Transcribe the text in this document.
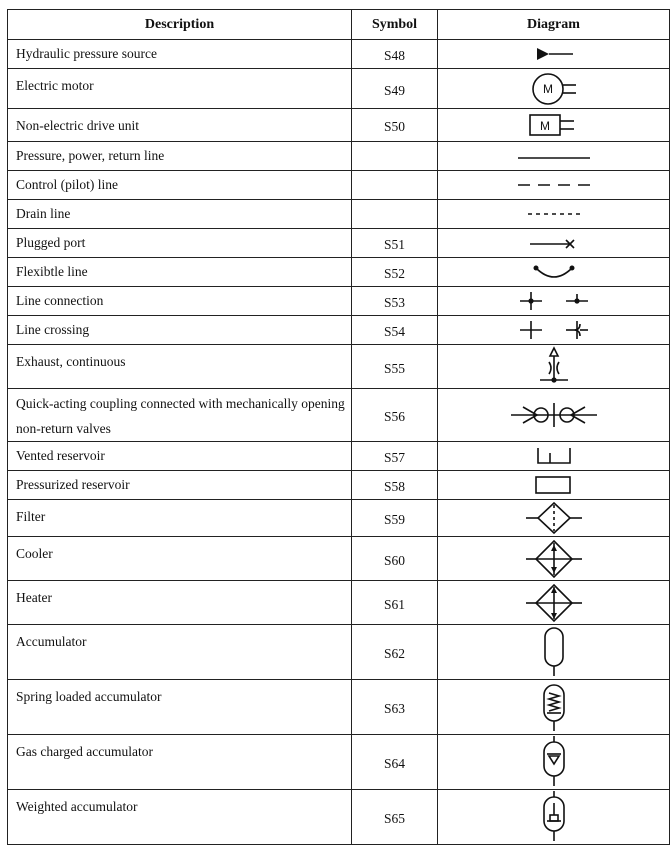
Description	Symbol	Diagram
Hydraulic pressure source	S48	

Electric motor	S49	M

Non-electric drive unit	S50	M

Pressure, power, return line		

Control (pilot) line		

Drain line		

Plugged port	S51	

Flexibtle line	S52	

Line connection	S53	

Line crossing	S54	

Exhaust, continuous	S55	

Quick-acting coupling connected with mechanically opening non-return valves	S56	

Vented reservoir	S57	

Pressurized reservoir	S58	

Filter	S59	

Cooler	S60	

Heater	S61	

Accumulator	S62	

Spring loaded accumulator	S63	

Gas charged accumulator	S64	

Weighted accumulator	S65	
